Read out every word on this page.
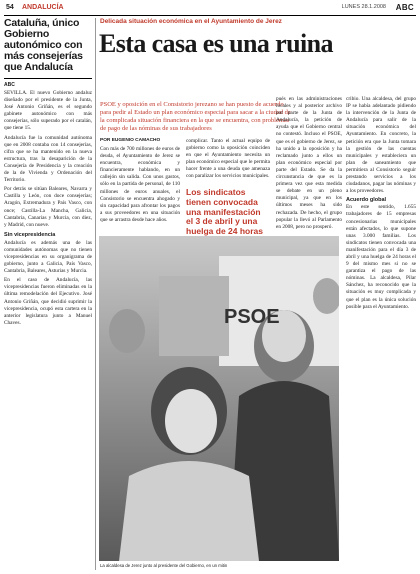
54 ANDALUCÍA	LUNES 28.1.2008 ABC
Cataluña, único Gobierno autonómico con más consejerías que Andalucía
ABC
SEVILLA. El nuevo Gobierno andaluz diseñado por el presidente de la Junta, José Antonio Griñán, es el segundo gabinete autonómico con más consejerías, sólo superado por el catalán, que tiene 15.
Andalucía fue la comunidad autónoma que en 2008 contaba con 14 consejerías, cifra que se ha mantenido en la nueva estructura, tras la desaparición de la Consejería de Presidencia y la creación de la de Vivienda y Ordenación del Territorio.
Por detrás se sitúan Baleares, Navarra y Castilla y León, con doce consejerías; Aragón, Extremadura y País Vasco, con once; Castilla-La Mancha, Galicia, Cantabria, Canarias y Murcia, con diez, y Madrid, con nueve.
Sin vicepresidencia
Andalucía es además una de las comunidades autónomas que no tienen vicepresidencias en su organigrama de gobierno, junto a Galicia, País Vasco, Cantabria, Baleares, Asturias y Murcia.
En el caso de Andalucía, las vicepresidencias fueron eliminadas en la última remodelación del Ejecutivo. José Antonio Griñán, que decidió suprimir la vicepresidencia, ocupó esta cartera en la anterior legislatura junto a Manuel Chaves.
Delicada situación económica en el Ayuntamiento de Jerez
Esta casa es una ruina
PSOE y oposición en el Consistorio jerezano se han puesto de acuerdo para pedir al Estado un plan económico especial para sacar a la ciudad de la complicada situación financiera en la que se encuentra, con problemas de pago de las nóminas de sus trabajadores
POR EUGENIO CAMACHO
Con más de 700 millones de euros de deuda, el Ayuntamiento de Jerez se encuentra, económica y financieramente hablando, en un callejón sin salida. Con unos gastos, sólo en la partida de personal, de 110 millones de euros anuales, el Consistorio se encuentra ahogado y sin capacidad para afrontar los pagos a sus proveedores en una situación que se arrastra desde hace años.
complicar. Tanto el actual equipo de gobierno como la oposición coinciden en que el Ayuntamiento necesita un plan económico especial que le permita hacer frente a una deuda que amenaza con paralizar los servicios municipales.
Los sindicatos tienen convocada una manifestación el 3 de abril y una huelga de 24 horas
pués en las administraciones locales y al posterior archivo por parte de la Junta de Andalucía, la petición de ayuda que el Gobierno central no contestó. Incluso el PSOE, que es el gobierno de Jerez, se ha unido a la oposición y ha reclamado junto a ellos un plan económico especial por parte del Estado. Se da la circunstancia de que es la primera vez que esta medida se debate en un pleno municipal, ya que en los últimos meses ha sido rechazada. De hecho, el grupo popular la llevó al Parlamento en 2008, pero no prosperó.
cribio. Una alcaldesa, del grupo IP se había adelantado pidiendo la intervención de la Junta de Andalucía para salir de la situación económica del Ayuntamiento. En concreto, la petición era que la Junta tomara la gestión de las cuentas municipales y estableciera un plan de saneamiento que permitiera al Consistorio seguir prestando servicios a los ciudadanos, pagar las nóminas y a los proveedores.
Acuerdo global
En este sentido, 1.655 trabajadores de 15 empresas concesionarias municipales están afectados, lo que supone unas 3.000 familias. Los sindicatos tienen convocada una manifestación para el día 3 de abril y una huelga de 24 horas el 9 del mismo mes si no se garantiza el pago de las nóminas. La alcaldesa, Pilar Sánchez, ha reconocido que la situación es muy complicada y que el plan es la única solución posible para el Ayuntamiento.
PSOE
La alcaldesa de Jerez junto al presidente del Gobierno, en un mitin
